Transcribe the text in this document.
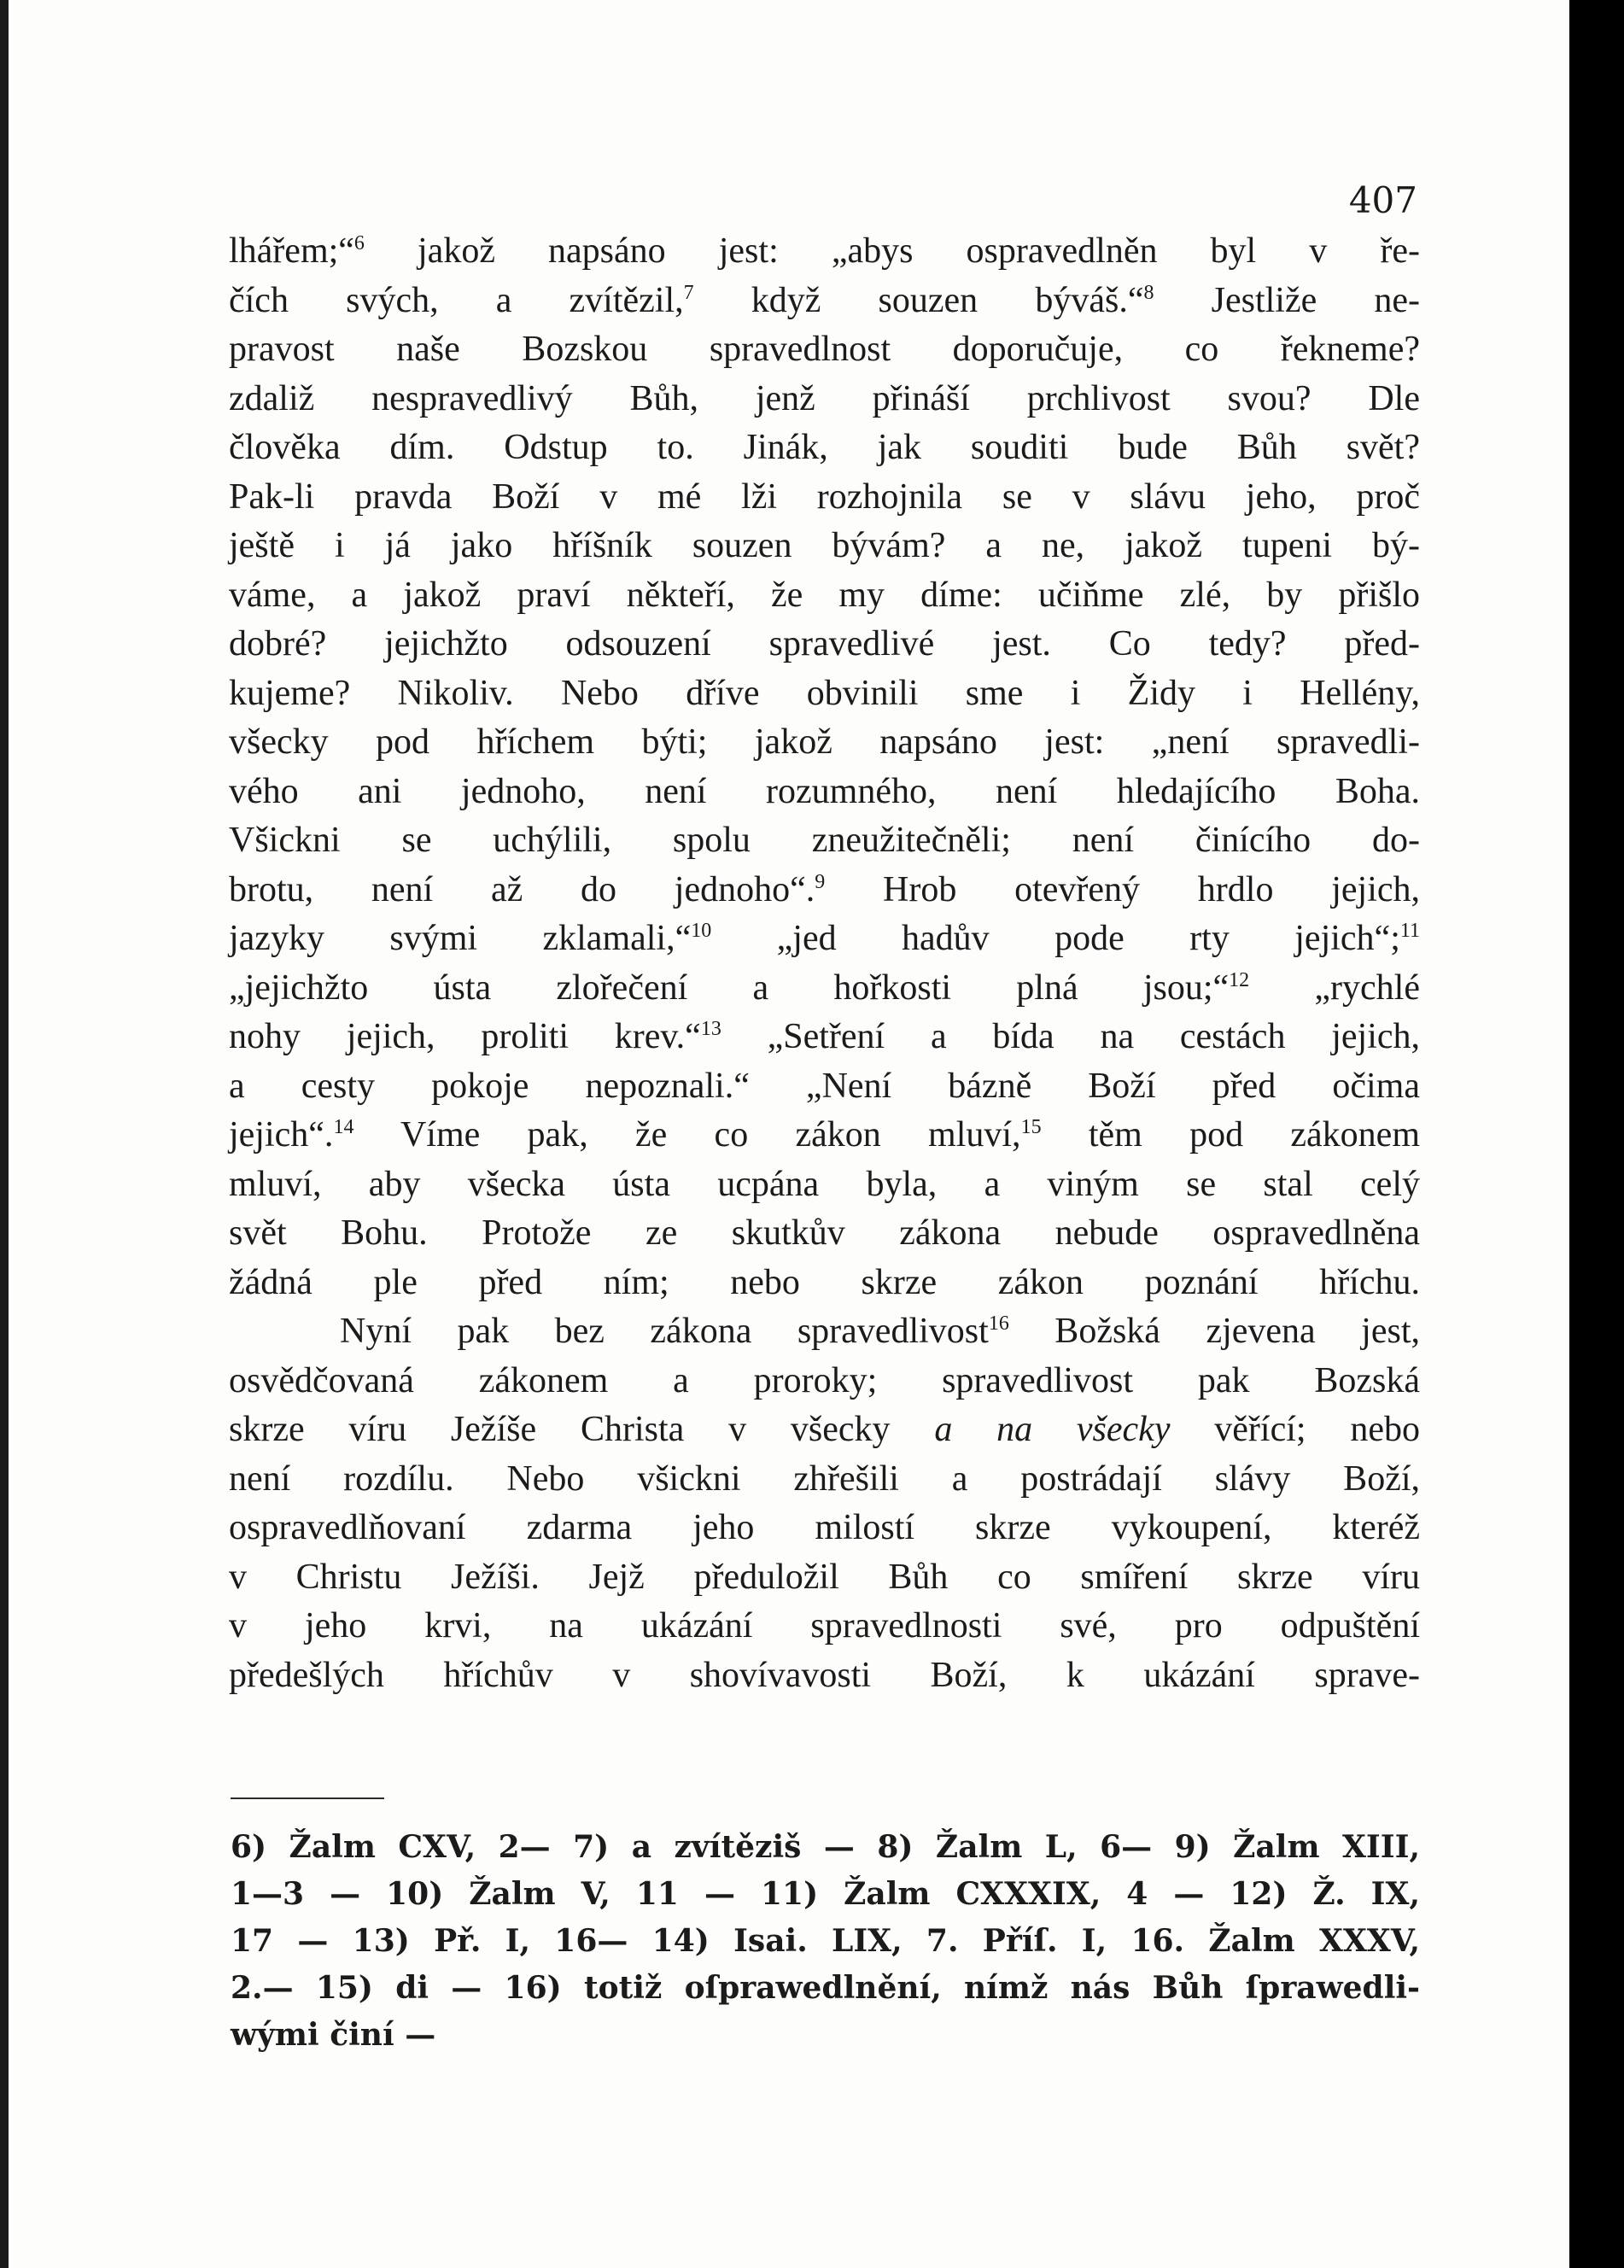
407
lhářem;“$^6$ jakož napsáno jest: „abys ospravedlněn byl v ře-
čích svých, a zvítězil,$^7$ když souzen býváš.“$^8$ Jestliže ne-
pravost naše Bozskou spravedlnost doporučuje, co řekneme?
zdaliž nespravedlivý Bůh, jenž přináší prchlivost svou? Dle
člověka dím. Odstup to. Jinák, jak souditi bude Bůh svět?
Pak-li pravda Boží v mé lži rozhojnila se v slávu jeho, proč
ještě i já jako hříšník souzen bývám? a ne, jakož tupeni bý-
váme, a jakož praví někteří, že my díme: učiňme zlé, by přišlo
dobré? jejichžto odsouzení spravedlivé jest. Co tedy? před-
kujeme? Nikoliv. Nebo dříve obvinili sme i Židy i Hellény,
všecky pod hříchem býti; jakož napsáno jest: „není spravedli-
vého ani jednoho, není rozumného, není hledajícího Boha.
Všickni se uchýlili, spolu zneužitečněli; není činícího do-
brotu, není až do jednoho“.$^9$ Hrob otevřený hrdlo jejich,
jazyky svými zklamali,“$^{10}$ „jed hadův pode rty jejich“;$^{11}$
„jejichžto ústa zlořečení a hořkosti plná jsou;“$^{12}$ „rychlé
nohy jejich, proliti krev.“$^{13}$ „Setření a bída na cestách jejich,
a cesty pokoje nepoznali.“ „Není bázně Boží před očima
jejich“.$^{14}$ Víme pak, že co zákon mluví,$^{15}$ těm pod zákonem
mluví, aby všecka ústa ucpána byla, a viným se stal celý
svět Bohu. Protože ze skutkův zákona nebude ospravedlněna
žádná ple před ním; nebo skrze zákon poznání hříchu.
Nyní pak bez zákona spravedlivost$^{16}$ Božská zjevena jest,
osvědčovaná zákonem a proroky; spravedlivost pak Bozská
skrze víru Ježíše Christa v všecky a na všecky věřící; nebo
není rozdílu. Nebo všickni zhřešili a postrádají slávy Boží,
ospravedlňovaní zdarma jeho milostí skrze vykoupení, kteréž
v Christu Ježíši. Jejž předuložil Bůh co smíření skrze víru
v jeho krvi, na ukázání spravedlnosti své, pro odpuštění
předešlých hříchův v shovívavosti Boží, k ukázání sprave-
6) Žalm CXV, 2— 7) a zvítěziš — 8) Žalm L, 6— 9) Žalm XIII,
1—3 — 10) Žalm V, 11 — 11) Žalm CXXXIX, 4 — 12) Ž. IX,
17 — 13) Př. I, 16— 14) Isai. LIX, 7. Příſ. I, 16. Žalm XXXV,
2.— 15) di — 16) totiž oſprawedlnění, nímž nás Bůh ſprawedli-
wými činí —
